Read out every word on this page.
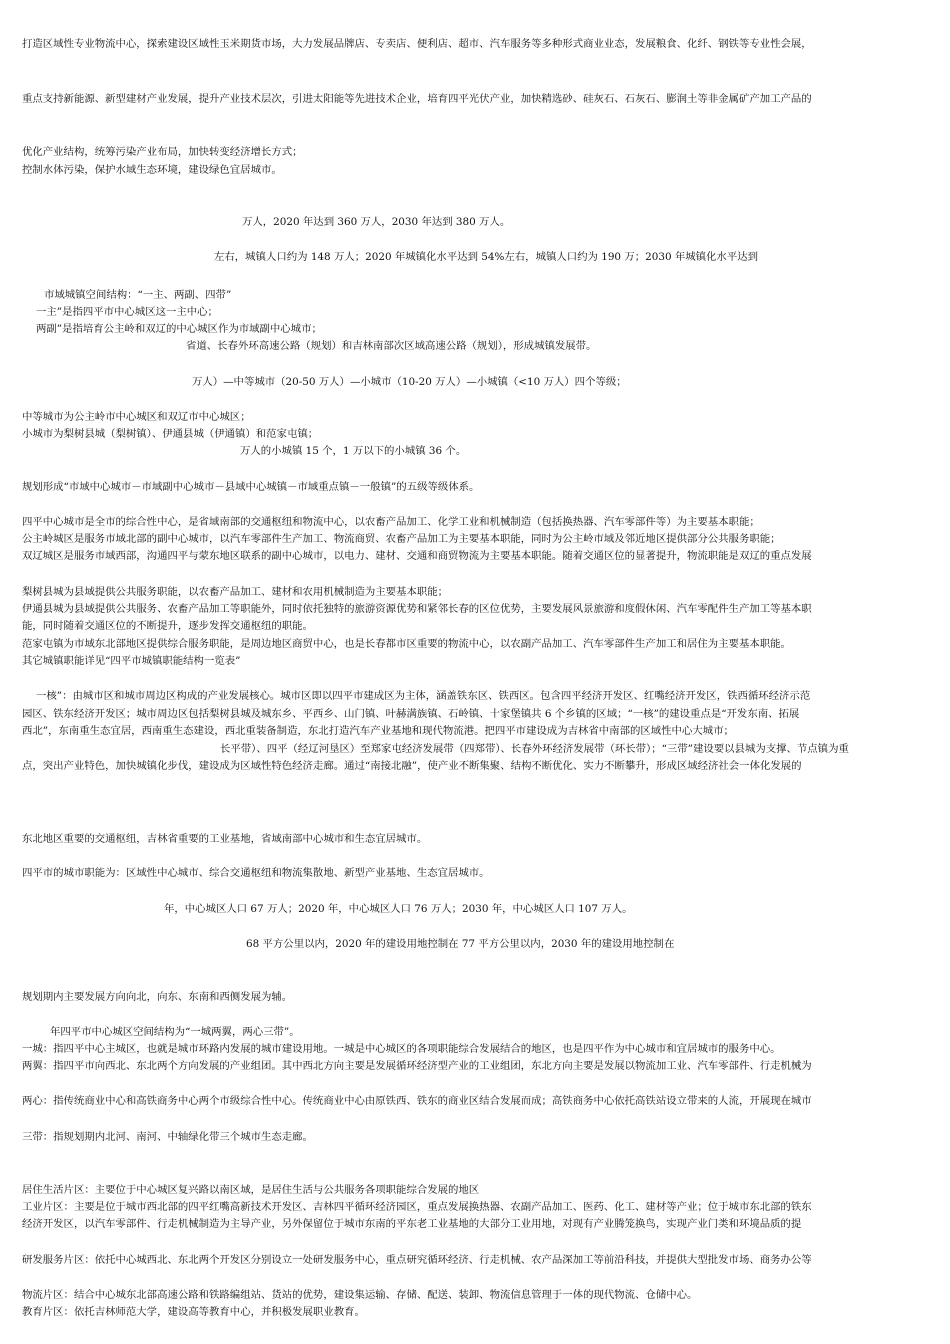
打造区域性专业物流中心，探索建设区域性玉米期货市场，大力发展品牌店、专卖店、便利店、超市、汽车服务等多种形式商业业态，发展粮食、化纤、钢铁等专业性会展，
重点支持新能源、新型建材产业发展，提升产业技术层次，引进太阳能等先进技术企业，培育四平光伏产业，加快精选砂、硅灰石、石灰石、膨润土等非金属矿产加工产品的
优化产业结构，统筹污染产业布局，加快转变经济增长方式；
控制水体污染，保护水域生态环境，建设绿色宜居城市。
万人，2020 年达到 360 万人，2030 年达到 380 万人。
左右，城镇人口约为 148 万人；2020 年城镇化水平达到 54%左右，城镇人口约为 190 万；2030 年城镇化水平达到
市域城镇空间结构：“一主、两副、四带”
一主”是指四平市中心城区这一主中心；
两副”是指培育公主岭和双辽的中心城区作为市域副中心城市；
省道、长春外环高速公路（规划）和吉林南部次区域高速公路（规划），形成城镇发展带。
万人）—中等城市（20-50 万人）—小城市（10-20 万人）—小城镇（<10 万人）四个等级；
中等城市为公主岭市中心城区和双辽市中心城区；
小城市为梨树县城（梨树镇）、伊通县城（伊通镇）和范家屯镇；
万人的小城镇 15 个，1 万以下的小城镇 36 个。
规划形成“市域中心城市－市域副中心城市－县域中心城镇－市域重点镇－一般镇”的五级等级体系。
四平中心城市是全市的综合性中心，是省域南部的交通枢纽和物流中心，以农畜产品加工、化学工业和机械制造（包括换热器、汽车零部件等）为主要基本职能；
公主岭城区是服务市域北部的副中心城市，以汽车零部件生产加工、物流商贸、农畜产品加工为主要基本职能，同时为公主岭市域及邻近地区提供部分公共服务职能；
双辽城区是服务市域西部，沟通四平与蒙东地区联系的副中心城市，以电力、建材、交通和商贸物流为主要基本职能。随着交通区位的显著提升，物流职能是双辽的重点发展
梨树县城为县域提供公共服务职能，以农畜产品加工、建材和农用机械制造为主要基本职能；
伊通县城为县域提供公共服务、农畜产品加工等职能外，同时依托独特的旅游资源优势和紧邻长春的区位优势，主要发展风景旅游和度假休闲、汽车零配件生产加工等基本职
能，同时随着交通区位的不断提升，逐步发挥交通枢纽的职能。
范家屯镇为市域东北部地区提供综合服务职能，是周边地区商贸中心，也是长春都市区重要的物流中心，以农副产品加工、汽车零部件生产加工和居住为主要基本职能。
其它城镇职能详见“四平市城镇职能结构一览表”
一核”：由城市区和城市周边区构成的产业发展核心。城市区即以四平市建成区为主体，涵盖铁东区、铁西区。包含四平经济开发区、红嘴经济开发区，铁西循环经济示范
园区、铁东经济开发区；城市周边区包括梨树县城及城东乡、平西乡、山门镇、叶赫满族镇、石岭镇、十家堡镇共 6 个乡镇的区域；“一核”的建设重点是“开发东南、拓展
西北”，东南重生态宜居，西南重生态建设，西北重装备制造，东北打造汽车产业基地和现代物流港。把四平市建设成为吉林省中南部的区域性中心大城市；
长平带）、四平（经辽河垦区）至郑家屯经济发展带（四郑带）、长春外环经济发展带（环长带）；“三带”建设要以县城为支撑、节点镇为重
点，突出产业特色，加快城镇化步伐，建设成为区域性特色经济走廊。通过“南接北融”，使产业不断集聚、结构不断优化、实力不断攀升，形成区域经济社会一体化发展的
东北地区重要的交通枢纽，吉林省重要的工业基地，省域南部中心城市和生态宜居城市。
四平市的城市职能为：区域性中心城市、综合交通枢纽和物流集散地、新型产业基地、生态宜居城市。
年，中心城区人口 67 万人；2020 年，中心城区人口 76 万人；2030 年，中心城区人口 107 万人。
68 平方公里以内，2020 年的建设用地控制在 77 平方公里以内，2030 年的建设用地控制在
规划期内主要发展方向向北，向东、东南和西侧发展为辅。
年四平市中心城区空间结构为“一城两翼，两心三带”。
一城：指四平中心主城区，也就是城市环路内发展的城市建设用地。一城是中心城区的各项职能综合发展结合的地区，也是四平作为中心城市和宜居城市的服务中心。
两翼：指四平市向西北、东北两个方向发展的产业组团。其中西北方向主要是发展循环经济型产业的工业组团，东北方向主要是发展以物流加工业、汽车零部件、行走机械为
两心：指传统商业中心和高铁商务中心两个市级综合性中心。传统商业中心由原铁西、铁东的商业区结合发展而成；高铁商务中心依托高铁站设立带来的人流，开展现在城市
三带：指规划期内北河、南河、中轴绿化带三个城市生态走廊。
居住生活片区：主要位于中心城区复兴路以南区域，是居住生活与公共服务各项职能综合发展的地区
工业片区：主要是位于城市西北部的四平红嘴高新技术开发区、吉林四平循环经济园区，重点发展换热器、农副产品加工、医药、化工、建材等产业；位于城市东北部的铁东
经济开发区，以汽车零部件、行走机械制造为主导产业，另外保留位于城市东南的平东老工业基地的大部分工业用地，对现有产业腾笼换鸟，实现产业门类和环境品质的提
研发服务片区：依托中心城西北、东北两个开发区分别设立一处研发服务中心，重点研究循环经济、行走机械、农产品深加工等前沿科技，并提供大型批发市场、商务办公等
物流片区：结合中心城东北部高速公路和铁路编组站、货站的优势，建设集运输、存储、配送、装卸、物流信息管理于一体的现代物流、仓储中心。
教育片区：依托吉林师范大学，建设高等教育中心，并积极发展职业教育。
